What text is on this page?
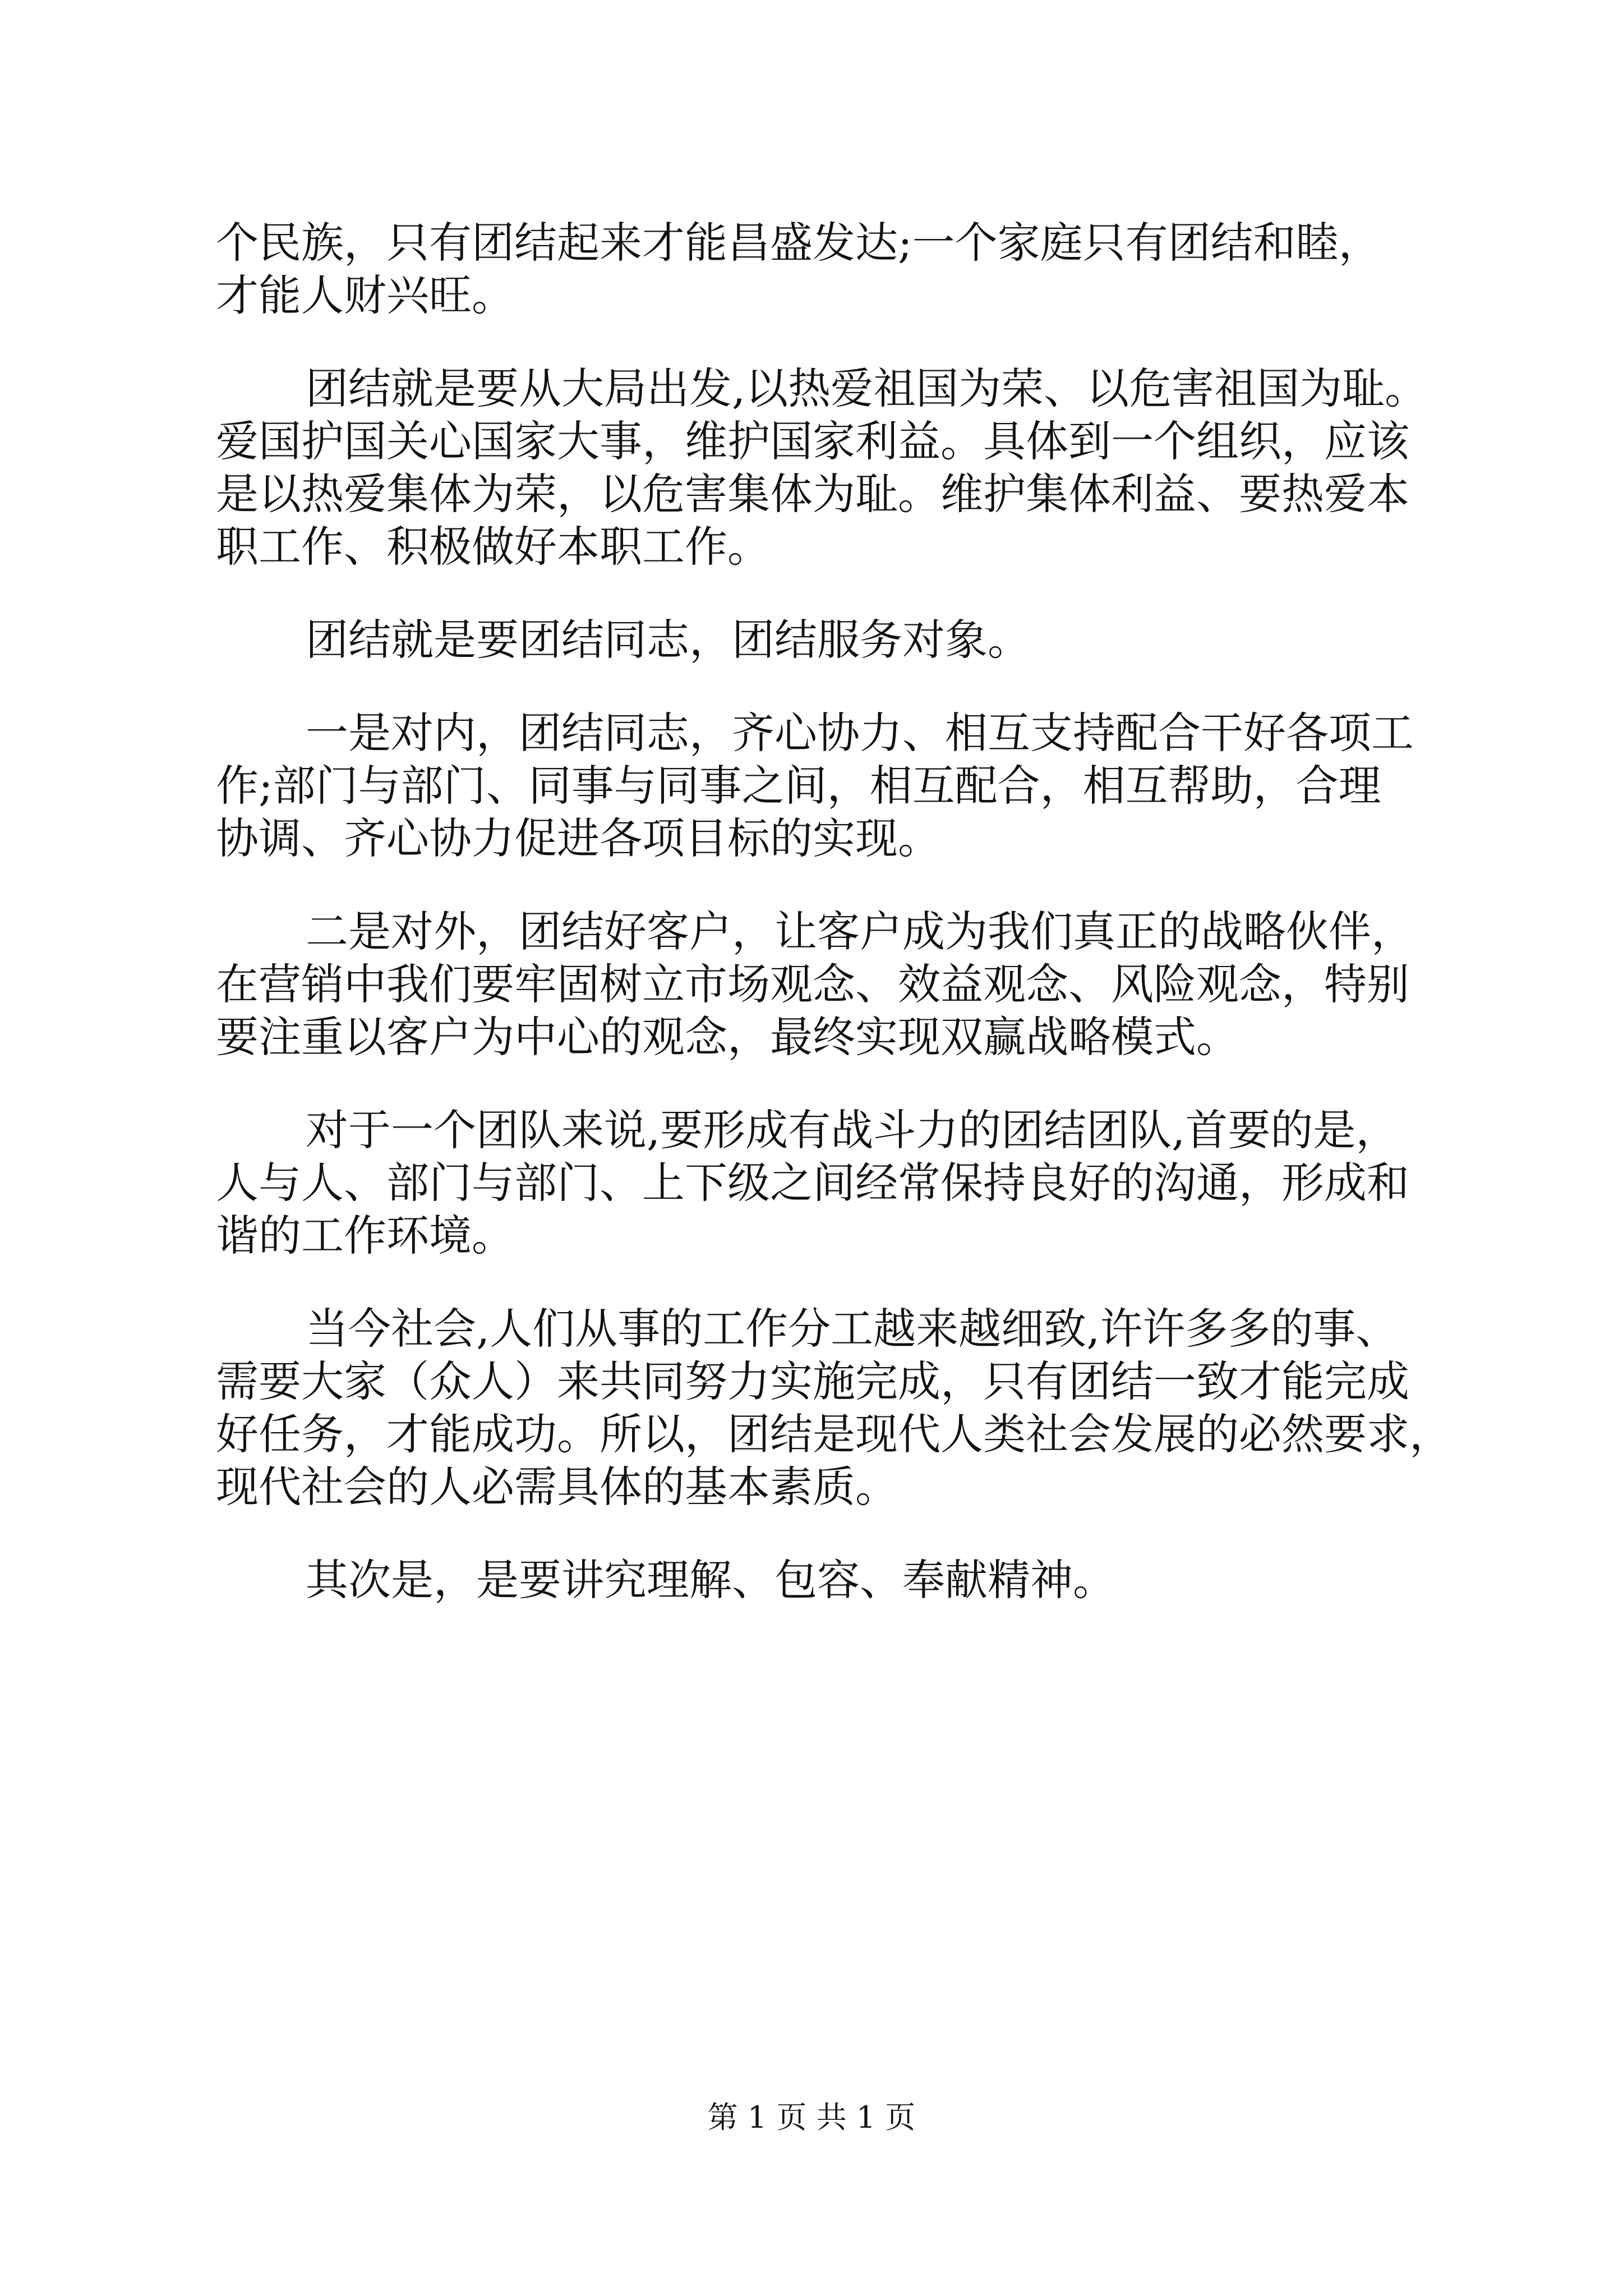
个民族，只有团结起来才能昌盛发达;一个家庭只有团结和睦，
才能人财兴旺。

团结就是要从大局出发,以热爱祖国为荣、以危害祖国为耻。
爱国护国关心国家大事，维护国家利益。具体到一个组织，应该
是以热爱集体为荣，以危害集体为耻。维护集体利益、要热爱本
职工作、积极做好本职工作。

团结就是要团结同志，团结服务对象。

一是对内，团结同志，齐心协力、相互支持配合干好各项工
作;部门与部门、同事与同事之间，相互配合，相互帮助，合理
协调、齐心协力促进各项目标的实现。

二是对外，团结好客户，让客户成为我们真正的战略伙伴，
在营销中我们要牢固树立市场观念、效益观念、风险观念，特别
要注重以客户为中心的观念，最终实现双赢战略模式。

对于一个团队来说,要形成有战斗力的团结团队,首要的是，
人与人、部门与部门、上下级之间经常保持良好的沟通，形成和
谐的工作环境。

当今社会,人们从事的工作分工越来越细致,许许多多的事、
需要大家（众人）来共同努力实施完成，只有团结一致才能完成
好任务，才能成功。所以，团结是现代人类社会发展的必然要求，
现代社会的人必需具体的基本素质。

其次是，是要讲究理解、包容、奉献精神。

第 1 页 共 1 页
